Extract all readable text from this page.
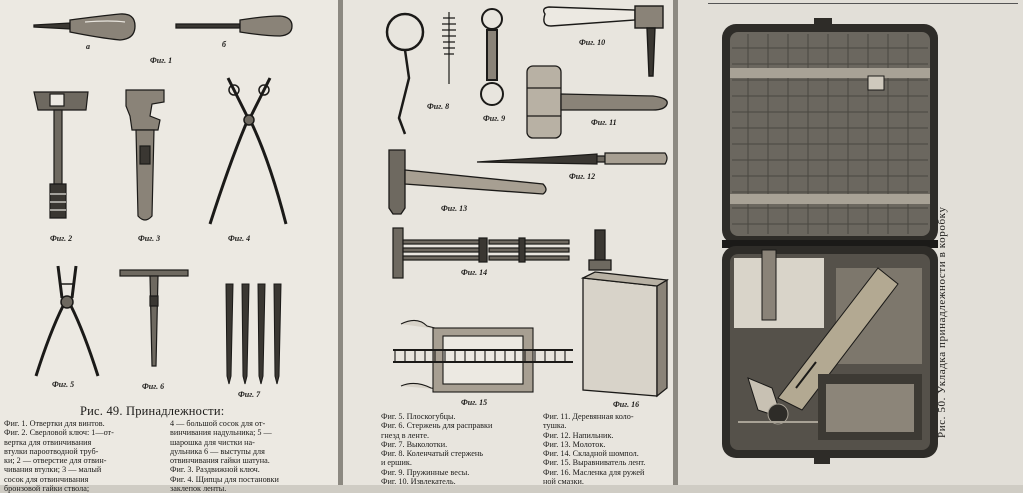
а	б
Фиг. 1
Фиг. 2	Фиг. 3	Фиг. 4
Фиг. 5	Фиг. 6
Фиг. 7
Рис. 49. Принадлежности:

Фиг. 1. Отвертки для винтов.

Фиг. 2. Сверловой ключ: 1—от-

вертка для отвинчивания

втулки пароотводной труб-

ки; 2 — отверстие для отвин-

чивания втулки; 3 — малый

сосок для отвинчивания

бронзовой гайки ствола;

4 — большой сосок для от-

винчивания надульника; 5 —

шарошка для чистки на-

дульника 6 — выступы для

отвинчивания гайки шатуна.

Фиг. 3. Раздвижной ключ.

Фиг. 4. Щипцы для постановки

заклепок ленты.

Фиг. 8
Фиг. 9
Фиг. 10
Фиг. 11
Фиг. 12
Фиг. 13
Фиг. 14
Фиг. 15	Фиг. 16

Фиг. 5. Плоскогубцы.

Фиг. 6. Стержень для расправки

гнезд в ленте.

Фиг. 7. Выколотки.

Фиг. 8. Коленчатый стержень

и ершик.

Фиг. 9. Пружинные весы.

Фиг. 10. Извлекатель.

Фиг. 11. Деревянная коло-

тушка.

Фиг. 12. Напильник.

Фиг. 13. Молоток.

Фиг. 14. Складной шомпол.

Фиг. 15. Выравниватель лент.

Фиг. 16. Масленка для ружей

ной смазки.

Рис. 50. Укладка принадлежности в коробку
